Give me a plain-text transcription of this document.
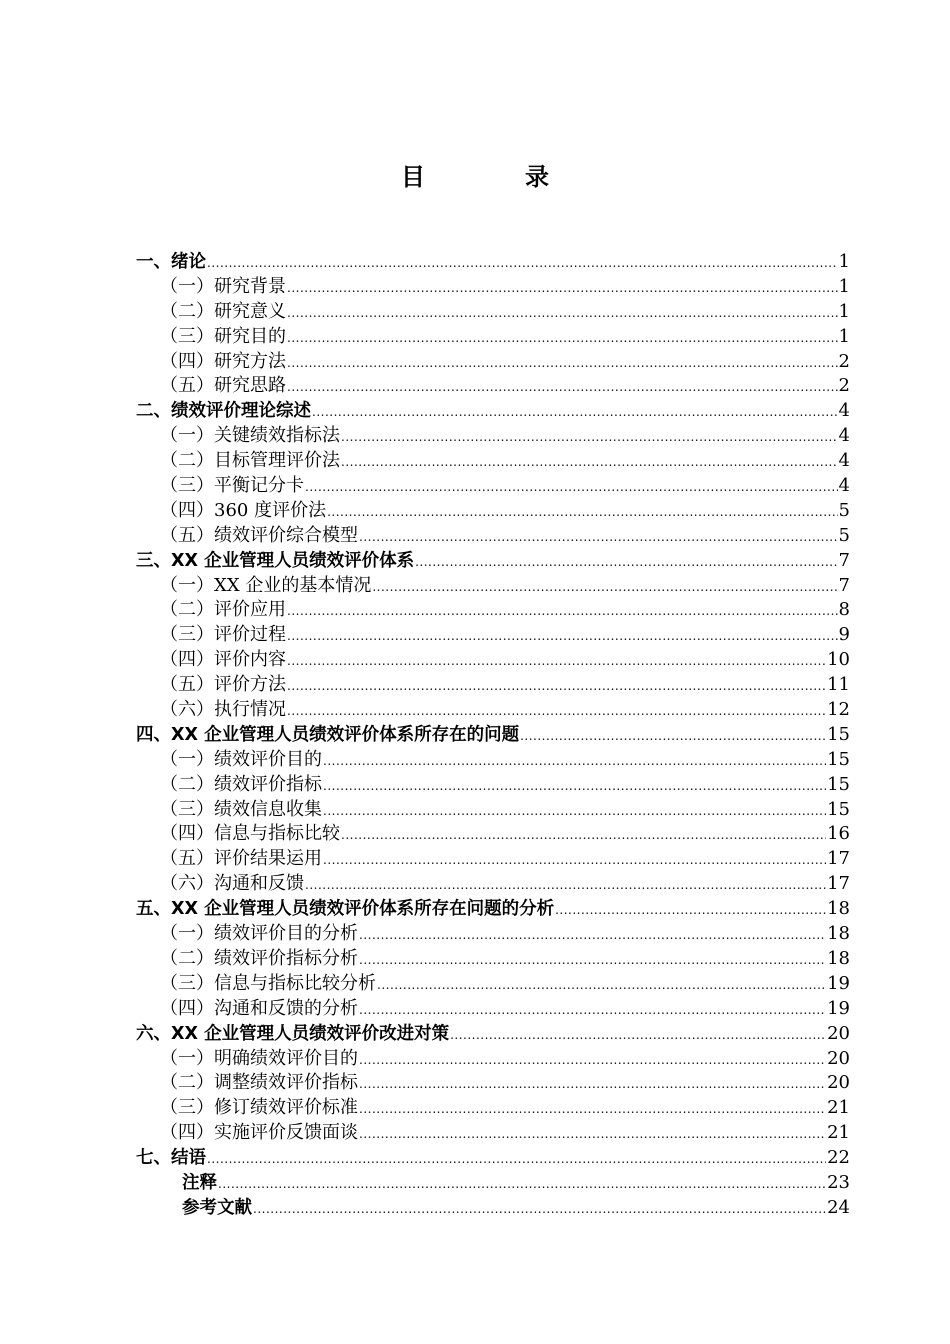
目　录
一、绪论 .....	1
（一）研究背景 .....	1
（二）研究意义 .....	1
（三）研究目的 .....	1
（四）研究方法 .....	2
（五）研究思路 .....	2
二、绩效评价理论综述 .....	4
（一）关键绩效指标法 .....	4
（二）目标管理评价法 .....	4
（三）平衡记分卡 .....	4
（四）360 度评价法 .....	5
（五）绩效评价综合模型 .....	5
三、XX 企业管理人员绩效评价体系 .....	7
（一）XX 企业的基本情况 .....	7
（二）评价应用 .....	8
（三）评价过程 .....	9
（四）评价内容 .....	10
（五）评价方法 .....	11
（六）执行情况 .....	12
四、XX 企业管理人员绩效评价体系所存在的问题 .....	15
（一）绩效评价目的 .....	15
（二）绩效评价指标 .....	15
（三）绩效信息收集 .....	15
（四）信息与指标比较 .....	16
（五）评价结果运用 .....	17
（六）沟通和反馈 .....	17
五、XX 企业管理人员绩效评价体系所存在问题的分析 .....	18
（一）绩效评价目的分析 .....	18
（二）绩效评价指标分析 .....	18
（三）信息与指标比较分析 .....	19
（四）沟通和反馈的分析 .....	19
六、XX 企业管理人员绩效评价改进对策 .....	20
（一）明确绩效评价目的 .....	20
（二）调整绩效评价指标 .....	20
（三）修订绩效评价标准 .....	21
（四）实施评价反馈面谈 .....	21
七、结语 .....	22
注释 .....	23
参考文献 .....	24
